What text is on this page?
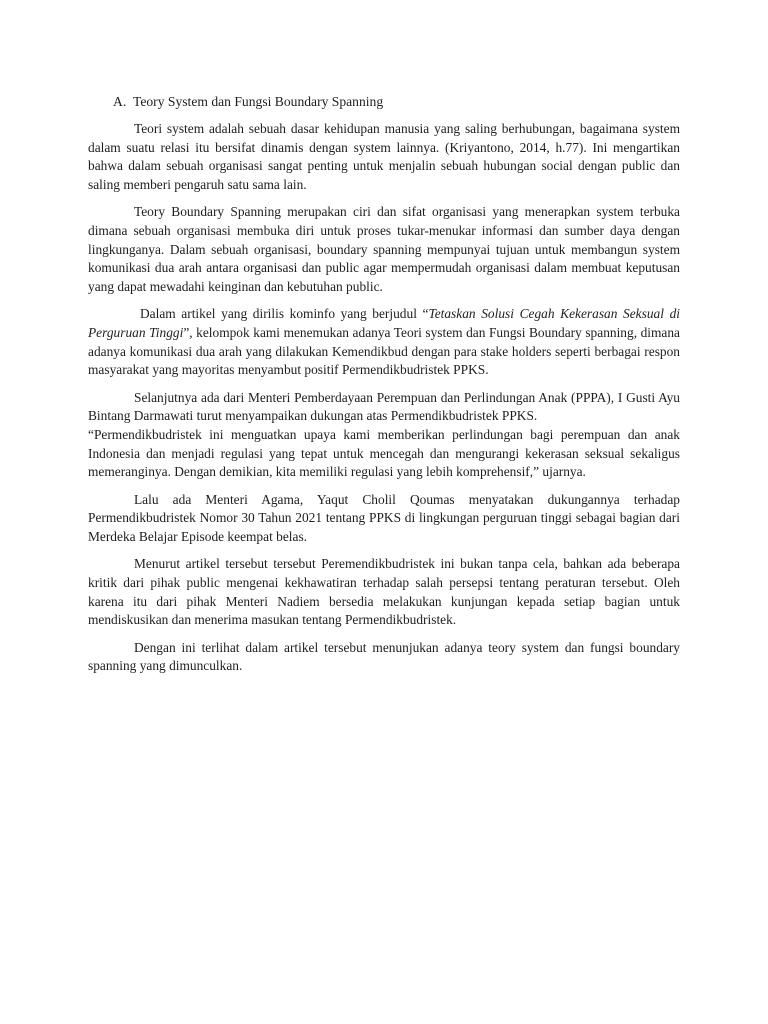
A. Teory System dan Fungsi Boundary Spanning

Teori system adalah sebuah dasar kehidupan manusia yang saling berhubungan, bagaimana system dalam suatu relasi itu bersifat dinamis dengan system lainnya. (Kriyantono, 2014, h.77). Ini mengartikan bahwa dalam sebuah organisasi sangat penting untuk menjalin sebuah hubungan social dengan public dan saling memberi pengaruh satu sama lain.

Teory Boundary Spanning merupakan ciri dan sifat organisasi yang menerapkan system terbuka dimana sebuah organisasi membuka diri untuk proses tukar-menukar informasi dan sumber daya dengan lingkunganya. Dalam sebuah organisasi, boundary spanning mempunyai tujuan untuk membangun system komunikasi dua arah antara organisasi dan public agar mempermudah organisasi dalam membuat keputusan yang dapat mewadahi keinginan dan kebutuhan public.

Dalam artikel yang dirilis kominfo yang berjudul “Tetaskan Solusi Cegah Kekerasan Seksual di Perguruan Tinggi”, kelompok kami menemukan adanya Teori system dan Fungsi Boundary spanning, dimana adanya komunikasi dua arah yang dilakukan Kemendikbud dengan para stake holders seperti berbagai respon masyarakat yang mayoritas menyambut positif Permendikbudristek PPKS.

Selanjutnya ada dari Menteri Pemberdayaan Perempuan dan Perlindungan Anak (PPPA), I Gusti Ayu Bintang Darmawati turut menyampaikan dukungan atas Permendikbudristek PPKS.
“Permendikbudristek ini menguatkan upaya kami memberikan perlindungan bagi perempuan dan anak Indonesia dan menjadi regulasi yang tepat untuk mencegah dan mengurangi kekerasan seksual sekaligus memeranginya. Dengan demikian, kita memiliki regulasi yang lebih komprehensif,” ujarnya.

Lalu ada Menteri Agama, Yaqut Cholil Qoumas menyatakan dukungannya terhadap Permendikbudristek Nomor 30 Tahun 2021 tentang PPKS di lingkungan perguruan tinggi sebagai bagian dari Merdeka Belajar Episode keempat belas.

Menurut artikel tersebut tersebut Peremendikbudristek ini bukan tanpa cela, bahkan ada beberapa kritik dari pihak public mengenai kekhawatiran terhadap salah persepsi tentang peraturan tersebut. Oleh karena itu dari pihak Menteri Nadiem bersedia melakukan kunjungan kepada setiap bagian untuk mendiskusikan dan menerima masukan tentang Permendikbudristek.

Dengan ini terlihat dalam artikel tersebut menunjukan adanya teory system dan fungsi boundary spanning yang dimunculkan.
